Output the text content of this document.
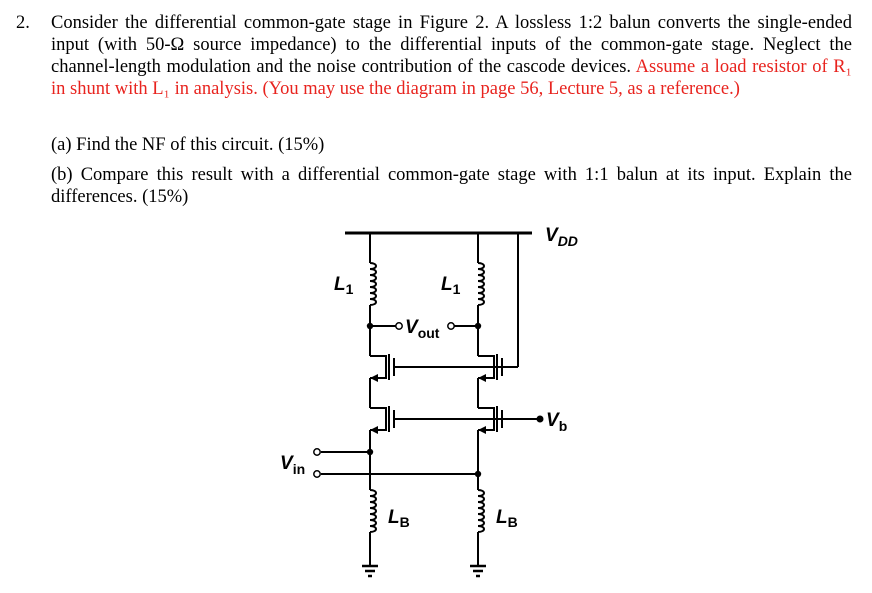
2. Consider the differential common-gate stage in Figure 2. A lossless 1:2 balun converts the single-ended input (with 50-Ω source impedance) to the differential inputs of the common-gate stage. Neglect the channel-length modulation and the noise contribution of the cascode devices. Assume a load resistor of R₁ in shunt with L₁ in analysis. (You may use the diagram in page 56, Lecture 5, as a reference.)
(a) Find the NF of this circuit. (15%)
(b) Compare this result with a differential common-gate stage with 1:1 balun at its input. Explain the differences. (15%)
$V_{DD}$
$L_1$	$L_1$
$V_{out}$
$V_b$
$V_{in}$
$L_B$	$L_B$
